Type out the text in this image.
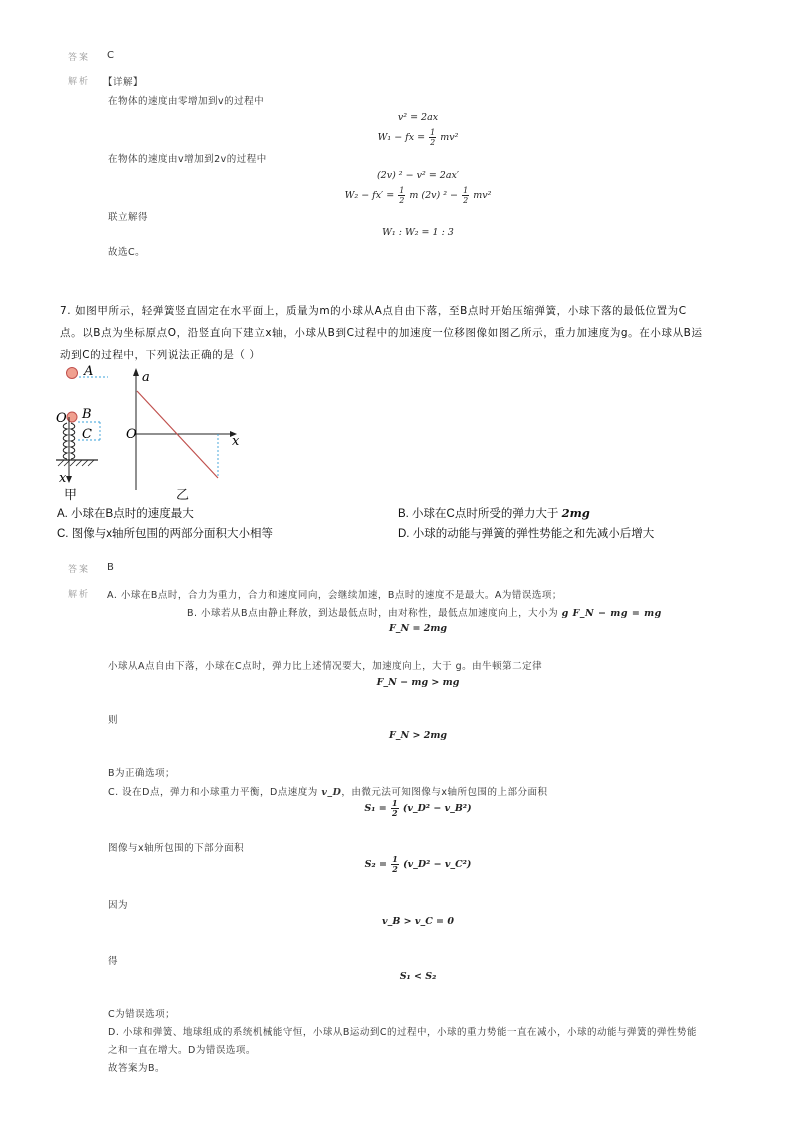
答案 C
解析 【详解】
在物体的速度由零增加到v的过程中
v² = 2ax
W₁ − fx = $\frac{1}{2} mv^2$
在物体的速度由v增加到2v的过程中
(2v) ² − v² = 2ax′
$W_2 - fx' = \frac{1}{2}$ m (2v) $^2 - \frac{1}{2} mv^2$
联立解得
W₁ : W₂ = 1 : 3
故选C。
7. 如图甲所示，轻弹簧竖直固定在水平面上，质量为m的小球从A点自由下落，至B点时开始压缩弹簧，小球下落的最低位置为C
点。以B点为坐标原点O，沿竖直向下建立x轴，小球从B到C过程中的加速度一位移图像如图乙所示，重力加速度为g。在小球从B运
动到C的过程中，下列说法正确的是（ ）
A
O B
C
x
甲
a
O	x
乙
A. 小球在B点时的速度最大	B. 小球在C点时所受的弹力大于 2mg
C. 图像与x轴所包围的两部分面积大小相等	D. 小球的动能与弹簧的弹性势能之和先减小后增大
答案 B
解析 A. 小球在B点时，合力为重力，合力和速度同向，会继续加速，B点时的速度不是最大。A为错误选项；
B. 小球若从B点由静止释放，到达最低点时，由对称性，最低点加速度向上，大小为 g F_N − mg = mg
F_N = 2mg
小球从A点自由下落，小球在C点时，弹力比上述情况要大，加速度向上，大于 g。由牛顿第二定律
F_N − mg > mg
则
F_N > 2mg
B为正确选项；
C. 设在D点，弹力和小球重力平衡，D点速度为 v_D，由微元法可知图像与x轴所包围的上部分面积
$S_1 = \frac{1}{2}$ (v_D² − v_B²)
图像与x轴所包围的下部分面积
$S_2 = \frac{1}{2}$ (v_D² − v_C²)
因为
v_B > v_C = 0
得
S₁ < S₂
C为错误选项；
D. 小球和弹簧、地球组成的系统机械能守恒，小球从B运动到C的过程中，小球的重力势能一直在减小，小球的动能与弹簧的弹性势能
之和一直在增大。D为错误选项。
故答案为B。
